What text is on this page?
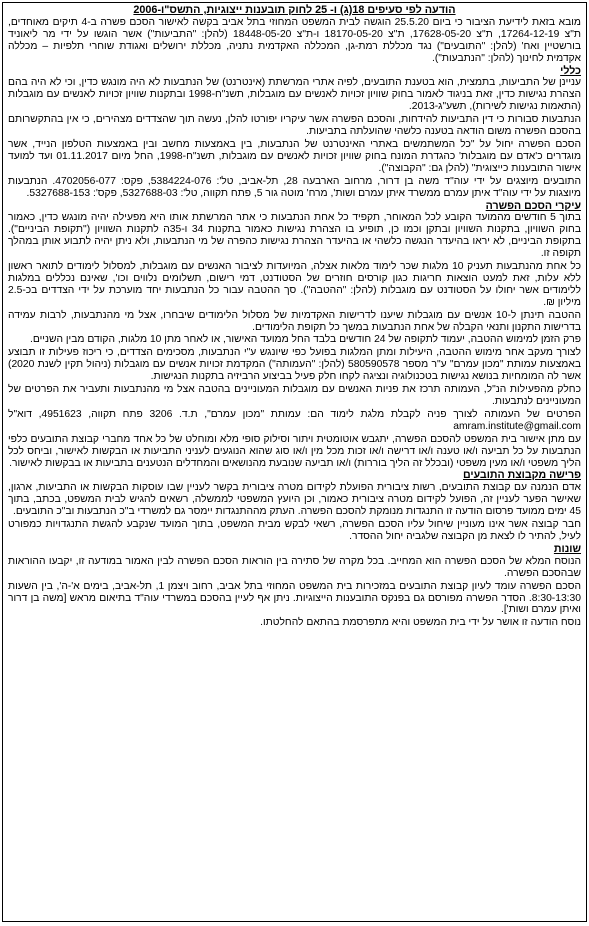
הודעה לפי סעיפים 18(ג) ו- 25 לחוק תובענות ייצוגיות, התשס"ו-2006

מובא בזאת לידיעת הציבור כי ביום 25.5.20 הוגשה לבית המשפט המחוזי בתל אביב בקשה לאישור הסכם פשרה ב-4 תיקים מאוחדים, ת"צ 17264-12-19, ת"צ 17628-05-20, ת"צ 18170-05-20 ו-ת"צ 18448-05-20 (להלן: "התביעות") אשר הוגשו על ידי מר ליאוניד בורשטיין ואח' (להלן: "התובעים") נגד מכללת רמת-גן, המכללה האקדמית נתניה, מכללת ירושלים ואגודת שוחרי תלפיות – מכללה אקדמית לחינוך (להלן: "הנתבעות").

כללי

עניינן של התביעות, בתמצית, הוא בטענת התובעים, לפיה אתרי המרשתת (אינטרנט) של הנתבעות לא היה מונגש כדין, וכי לא היה בהם הצהרת נגישות כדין, זאת בניגוד לאמור בחוק שוויון זכויות לאנשים עם מוגבלות, תשנ"ח-1998 ובתקנות שוויון זכויות לאנשים עם מוגבלות (התאמות נגישות לשירות), תשע"ג-2013.

הנתבעות סבורות כי דין התביעות להידחות, והסכם הפשרה אשר עיקריו יפורטו להלן, נעשה תוך שהצדדים מצהירים, כי אין בהתקשרותם בהסכם הפשרה משום הודאה בטענה כלשהי שהועלתה בתביעות.

הסכם הפשרה יחול על "כל המשתמשים באתרי האינטרנט של הנתבעות, בין באמצעות מחשב ובין באמצעות הטלפון הנייד, אשר מוגדרים כ'אדם עם מוגבלות' כהגדרת המונח בחוק שוויון זכויות לאנשים עם מוגבלות, תשנ"ח-1998, החל מיום 01.11.2017 ועד למועד אישור התובענות כייצוגית" (להלן גם: "הקבוצה").

התובעים מיוצגים על ידי עוה"ד משה בן דרור, מרחוב הארבעה 28, תל-אביב, טל': 5384224-076, פקס: 4702056-077. הנתבעות מיוצגות על ידי עוה"ד איתן עמרם ממשרד איתן עמרם ושות', מרח' מוטה גור 5, פתח תקווה, טל': 5327688-03, פקס': 5327688-153.

עיקרי הסכם הפשרה

בתוך 5 חודשים מהמועד הקובע לכל המאוחר, תקפיד כל אחת הנתבעות כי אתר המרשתת אותו היא מפעילה יהיה מונגש כדין, כאמור בחוק השוויון, בתקנות השוויון ובתקן וכמו כן, תופיע בו הצהרת נגישות כאמור בתקנות 34 ו-35ה לתקנות השוויון ("תקופת הביניים"). בתקופת הביניים, לא יראו בהיעדר הנגשה כלשהי או בהיעדר הצהרת נגישות כהפרה של מי הנתבעות, ולא ניתן יהיה לתבוע אותן במהלך תקופה זו.

כל אחת מהנתבעות תעניק 10 מלגות שכר לימוד מלאות אצלה, המיועדות לציבור האנשים עם מוגבלות, למסלול לימודים לתואר ראשון ללא עלות, זאת למעט הוצאות חריגות כגון קורסים חוזרים של הסטודנט, דמי רישום, תשלומים נלווים וכו', שאינם נכללים במלגות ללימודים אשר יחולו על הסטודנט עם מוגבלות (להלן: "ההטבה"). סך ההטבה עבור כל הנתבעות יחד מוערכת על ידי הצדדים בכ-2.5 מיליון ₪.

ההטבה תינתן ל-10 אנשים עם מוגבלות שיענו לדרישות האקדמיות של מסלול הלימודים שיבחרו, אצל מי מהנתבעות, לרבות עמידה בדרישות התקנון ותנאי הקבלה של אחת הנתבעות במשך כל תקופת הלימודים.

פרק הזמן למימוש ההטבה, יעמוד לתקופה של 24 חודשים בלבד החל ממועד האישור, או לאחר מתן 10 מלגות, הקודם מבין השניים.

לצורך מעקב אחר מימוש ההטבה, היעילות ומתן המלגות בפועל כפי שיונגש ע"י הנתבעות, מסכימים הצדדים, כי ריכוז פעילות זו תבוצע באמצעות עמותת "מכון עמרם" ע"ר מספר 580590578 (להלן: "העמותה") המקדמת זכויות אנשים עם מוגבלות (ניהול תקין לשנת 2020) אשר לה המומחיות בנושא נגישות בטכנולוגיה ונציגה לקחו חלק פעיל בביצוע הרביזיה בתקנות הנגישות.

כחלק מהפעילות הנ"ל, העמותה תרכז את פניות האנשים עם מוגבלות המעוניינים בהטבה אצל מי מהנתבעות ותעביר את הפרטים של המעוניינים לנתבעות.

הפרטים של העמותה לצורך פניה לקבלת מלגת לימוד הם: עמותת "מכון עמרם", ת.ד. 3206 פתח תקווה, 4951623, דוא"ל amram.institute@gmail.com

עם מתן אישור בית המשפט להסכם הפשרה, יתגבש אוטומטית ויתור וסילוק סופי מלא ומוחלט של כל אחד מחברי קבוצת התובעים כלפי הנתבעות על כל תביעה ו/או טענה ו/או דרישה ו/או זכות מכל מין ו/או סוג שהוא הנוגעים לעניני התביעות או הבקשות לאישור, וביחס לכל הליך משפטי ו/או מעין משפטי (ובכלל זה הליך בוררות) ו/או תביעה שנובעת מהנושאים והמחדלים הנטענים בתביעות או בבקשות לאישור.

פרישה מקבוצת התובעים

אדם הנמנה עם קבוצת התובעים, רשות ציבורית הפועלת לקידום מטרה ציבורית בקשר לעניין שבו עוסקות הבקשות או התביעות, ארגון, שאישר הפער לעניין זה, הפועל לקידום מטרה ציבורית כאמור, וכן היועץ המשפטי לממשלה, רשאים להגיש לבית המשפט, בכתב, בתוך 45 ימים ממועד פרסום הודעה זו התנגדות מנומקת להסכם הפשרה. העתק מההתנגדות יימסר גם למשרדי ב"כ הנתבעות וב"כ התובעים.

חבר קבוצה אשר אינו מעוניין שיחול עליו הסכם הפשרה, רשאי לבקש מבית המשפט, בתוך המועד שנקבע להגשת התנגדויות כמפורט לעיל, להתיר לו לצאת מן הקבוצה שלגביה יחול ההסדר.

שונות

הנוסח המלא של הסכם הפשרה הוא המחייב. בכל מקרה של סתירה בין הוראות הסכם הפשרה לבין האמור במודעה זו, יקבעו ההוראות שבהסכם הפשרה.

הסכם הפשרה עומד לעיון קבוצת התובעים במזכירות בית המשפט המחוזי בתל אביב, רחוב ויצמן 1, תל-אביב, בימים א'-ה', בין השעות 8:30-13:30. הסדר הפשרה מפורסם גם בפנקס התובענות הייצוגיות. ניתן אף לעיין בהסכם במשרדי עוה"ד בתיאום מראש [משה בן דרור ואיתן עמרם ושות'].

נוסח הודעה זו אושר על ידי בית המשפט והיא מתפרסמת בהתאם להחלטתו.
